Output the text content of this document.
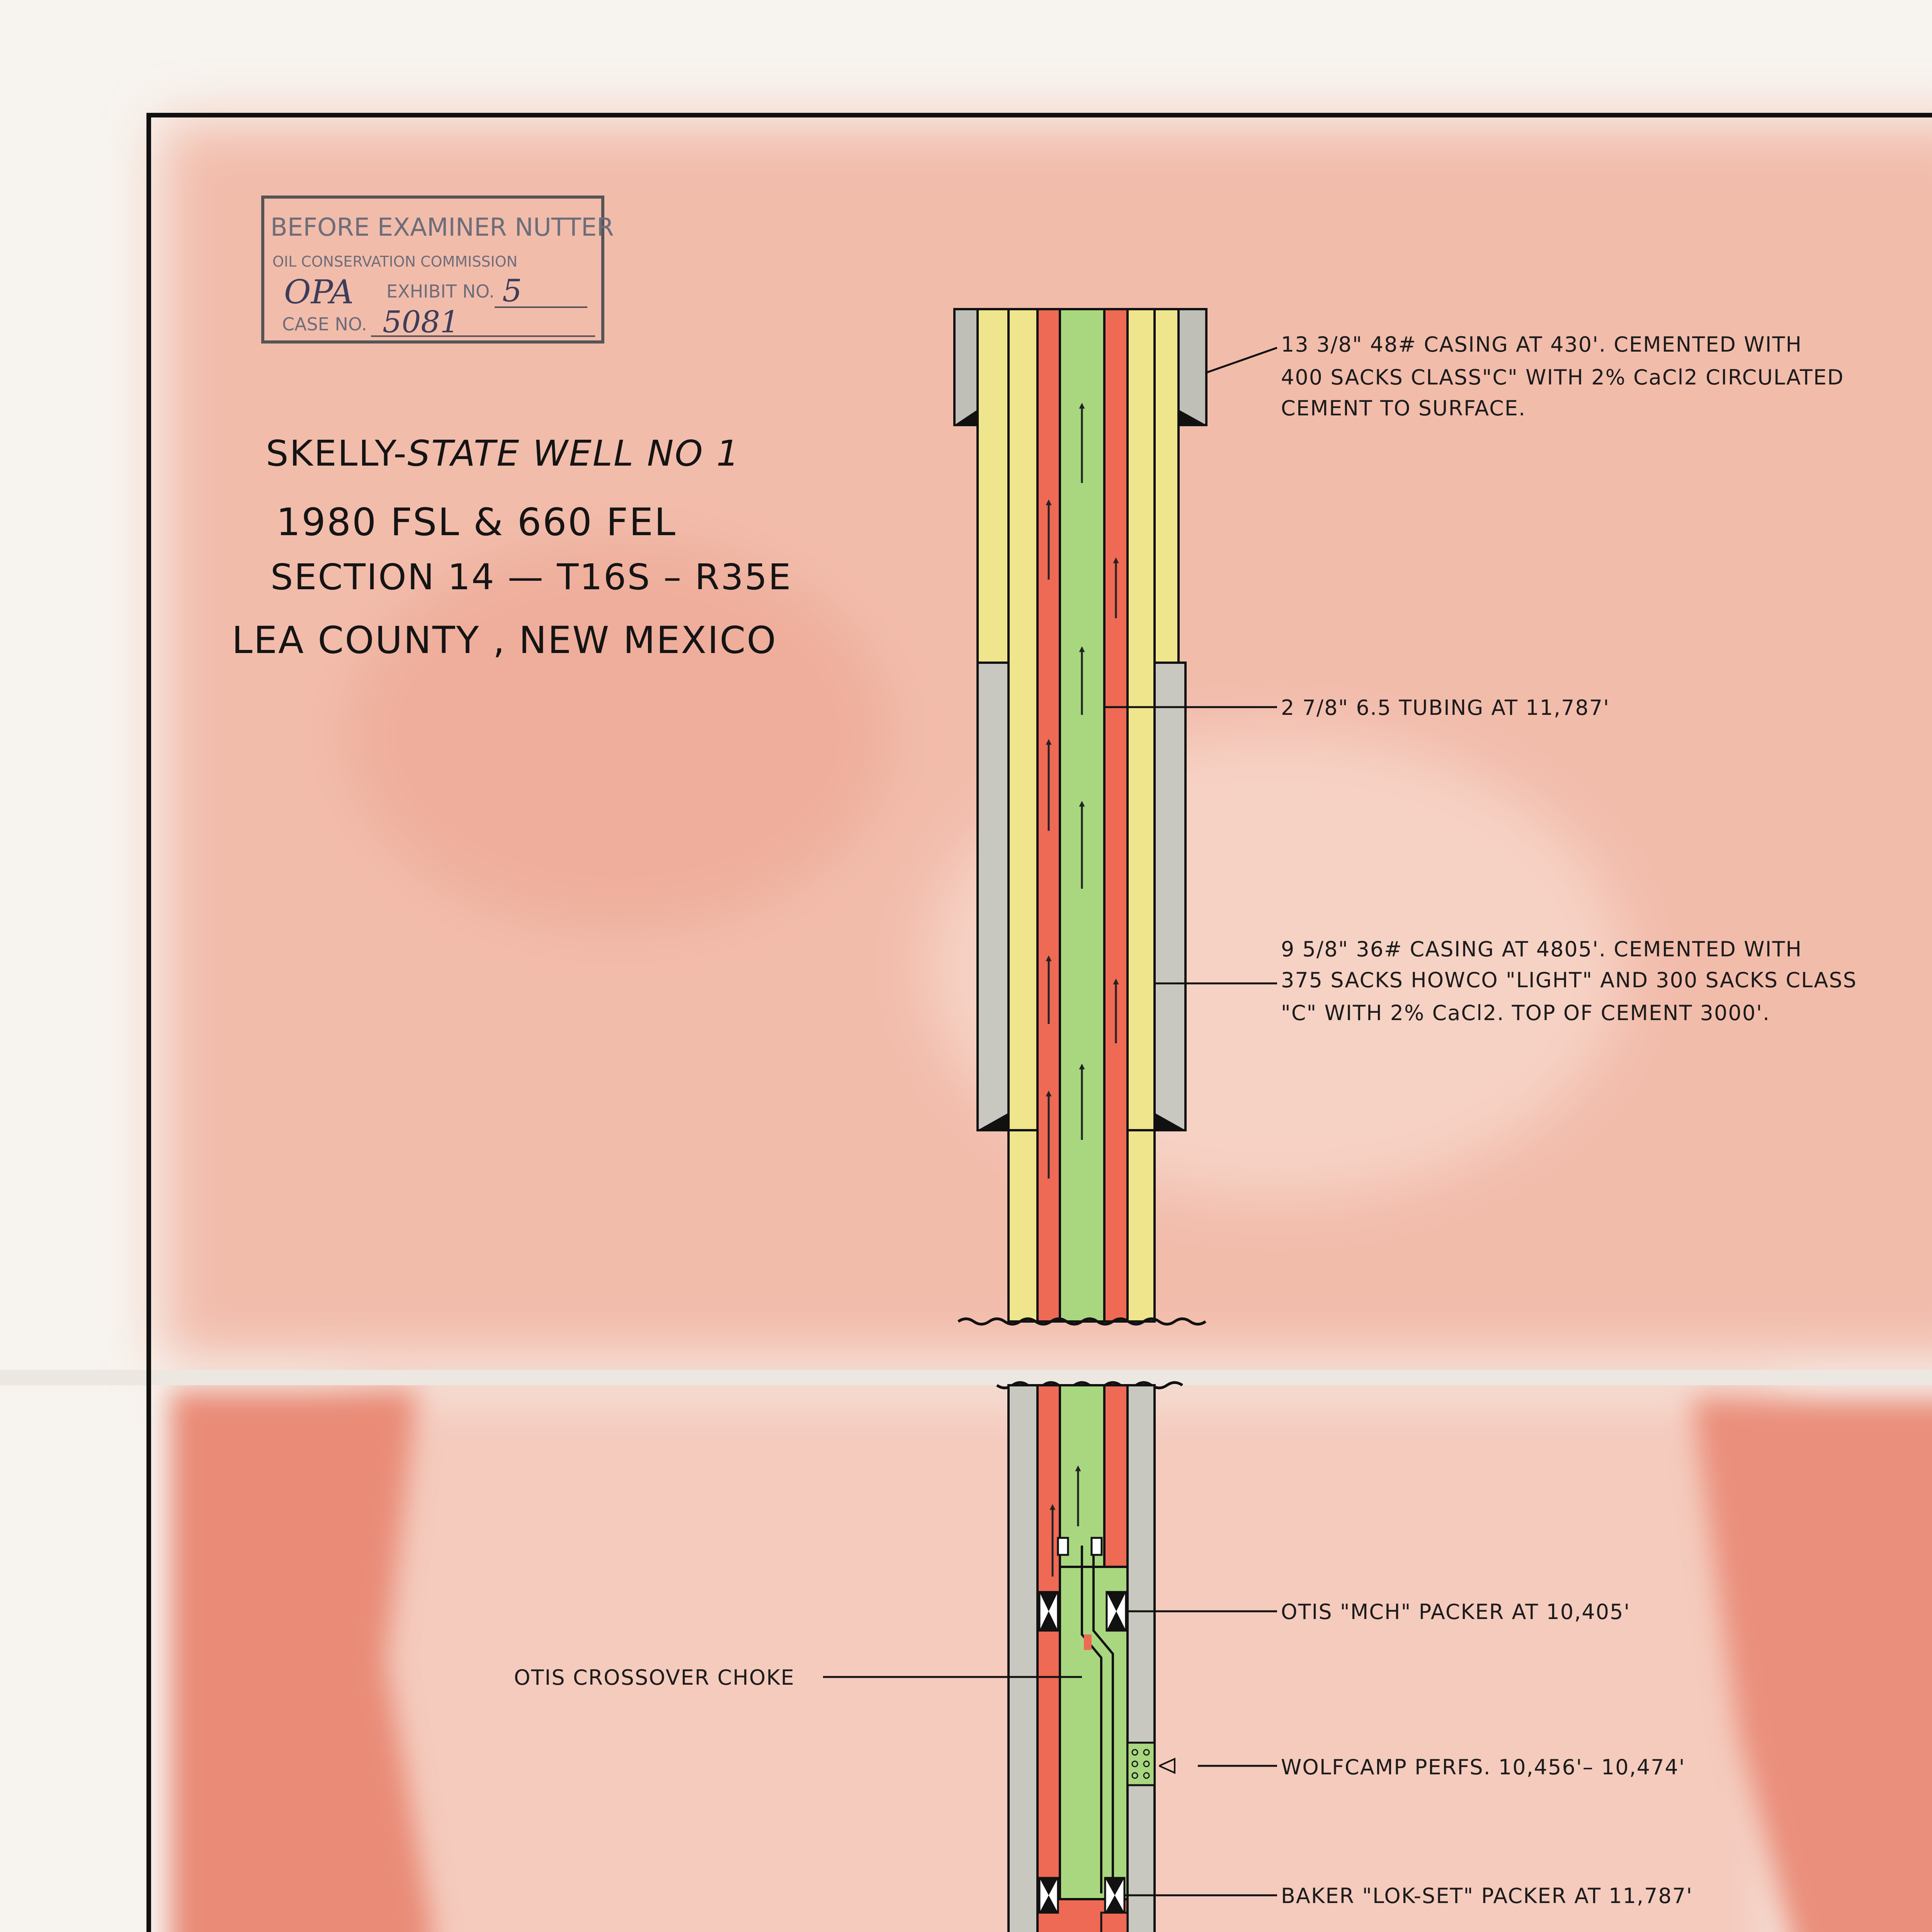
BEFORE EXAMINER NUTTER
OIL CONSERVATION COMMISSION
OPA EXHIBIT NO. 5
CASE NO. 5081
SKELLY-STATE WELL NO 1
1980 FSL & 660 FEL
SECTION 14 — T16S – R35E
LEA COUNTY , NEW MEXICO
13 3/8" 48# CASING AT 430'. CEMENTED WITH
400 SACKS CLASS"C" WITH 2% CaCl2 CIRCULATED
CEMENT TO SURFACE.
2 7/8" 6.5 TUBING AT 11,787'
9 5/8" 36# CASING AT 4805'. CEMENTED WITH
375 SACKS HOWCO "LIGHT" AND 300 SACKS CLASS
"C" WITH 2% CaCl2. TOP OF CEMENT 3000'.
OTIS "MCH" PACKER AT 10,405'
OTIS CROSSOVER CHOKE
WOLFCAMP PERFS. 10,456'– 10,474'
BAKER "LOK-SET" PACKER AT 11,787'
